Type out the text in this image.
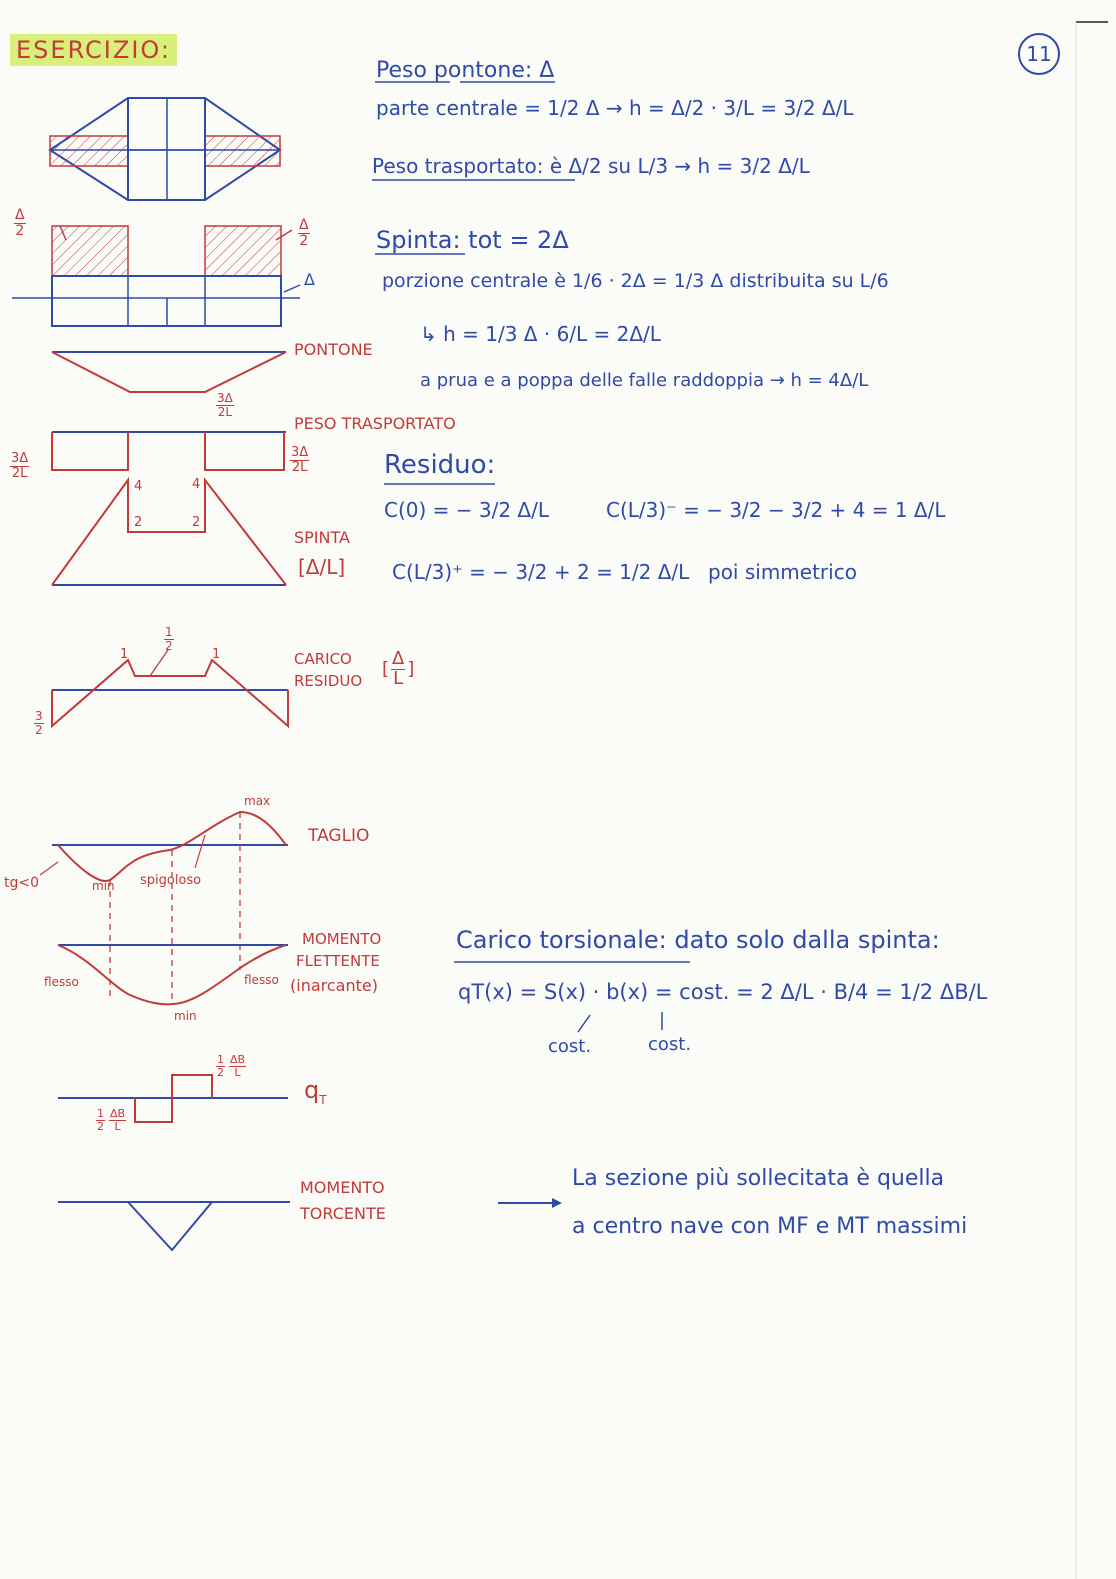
ESERCIZIO:	11
$\frac{\Delta}{2}$	$\frac{\Delta}{2}$
Δ
PONTONE
$\frac{3\Delta}{2L}$
PESO TRASPORTATO
$\frac{3\Delta}{2L}$	$\frac{3\Delta}{2L}$
4	4
2	2
SPINTA
[Δ/L]
$\frac{1}{2}$
1	1	CARICO
RESIDUO
[ $\frac{\Delta}{L}$ ]
$\frac{3}{2}$
max
TAGLIO
tg<0	min spigoloso
MOMENTO
FLETTENTE
(inarcante)
flesso	flesso
min
$\frac{1}{2} \frac{\Delta B}{L}$
$q_T$
$\frac{1}{2} \frac{\Delta B}{L}$
MOMENTO
TORCENTE
Peso pontone: Δ
parte centrale = 1/2 Δ → h = Δ/2 · 3/L = 3/2 Δ/L
Peso trasportato: è Δ/2 su L/3 → h = 3/2 Δ/L
Spinta: tot = 2Δ
porzione centrale è 1/6 · 2Δ = 1/3 Δ distribuita su L/6
↳ h = 1/3 Δ · 6/L = 2Δ/L
a prua e a poppa delle falle raddoppia → h = 4Δ/L
Residuo:
C(0) = − 3/2 Δ/L	C(L/3)⁻ = − 3/2 − 3/2 + 4 = 1 Δ/L
C(L/3)⁺ = − 3/2 + 2 = 1/2 Δ/L poi simmetrico
Carico torsionale: dato solo dalla spinta:
qT(x) = S(x) · b(x) = cost. = 2 Δ/L · B/4 = 1/2 ΔB/L
cost.	cost.
La sezione più sollecitata è quella
a centro nave con MF e MT massimi
